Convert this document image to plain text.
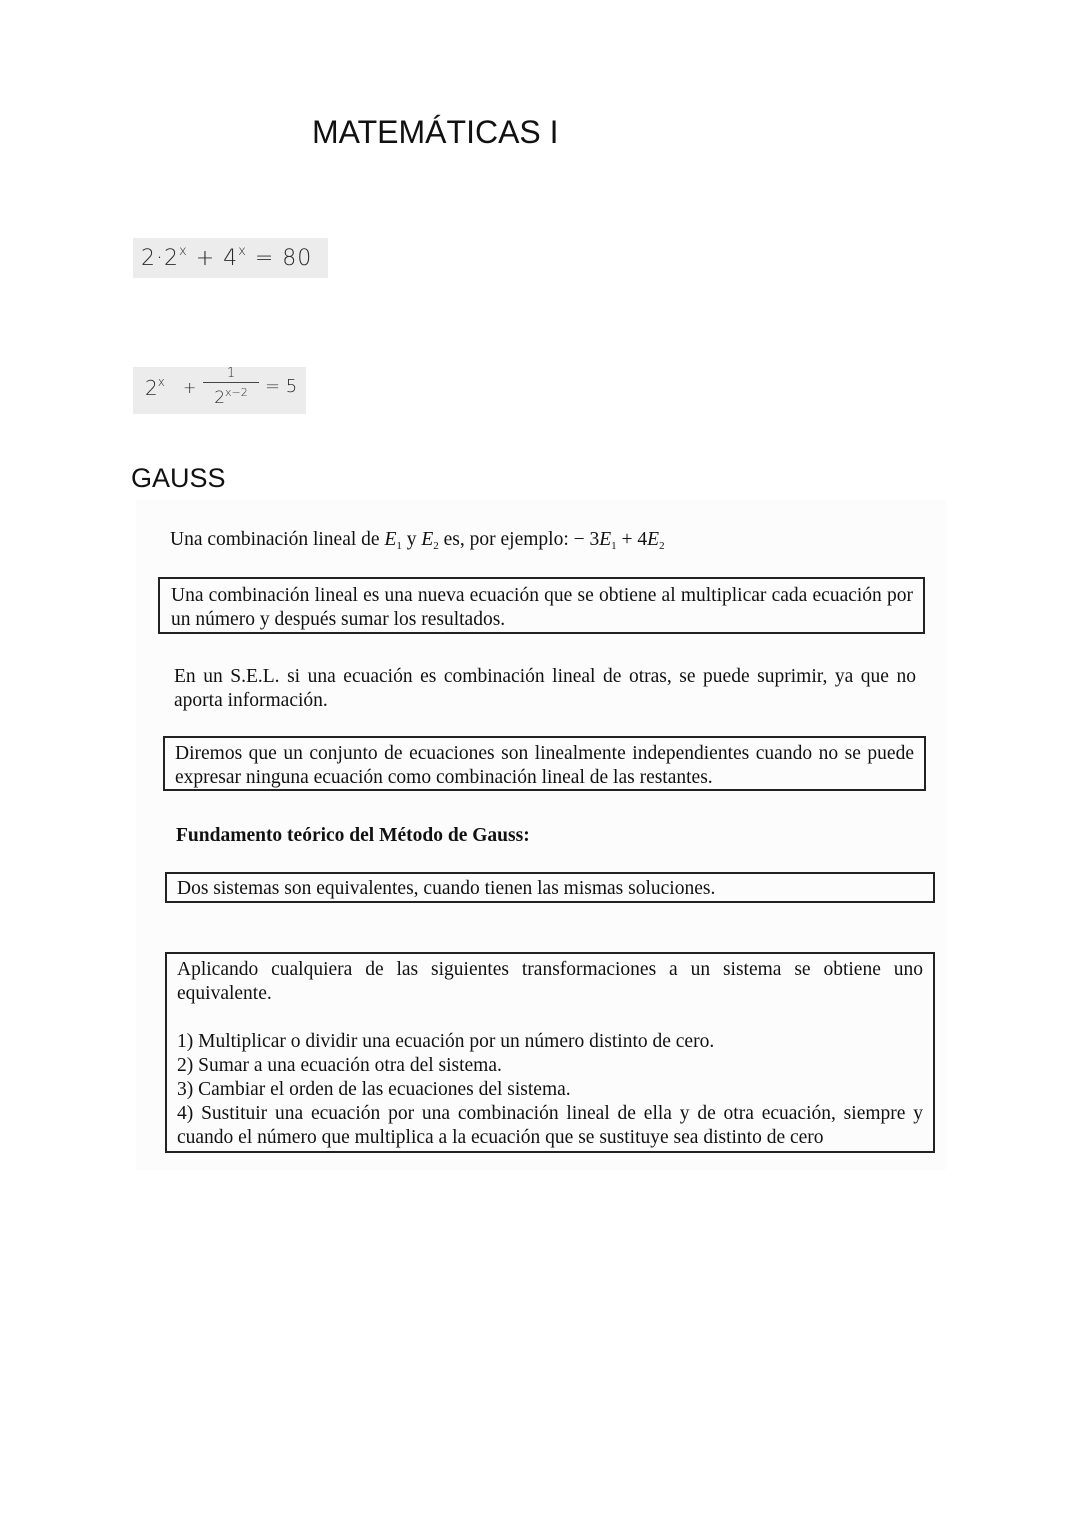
MATEMÁTICAS I
$2\cdot 2^x + 4^x = 80$
$2^x$ +
1
$2^{x-2} = 5$
GAUSS
Una combinación lineal de $E_1$ y $E_2$ es, por ejemplo: − $3E_1 + 4E_2$
Una combinación lineal es una nueva ecuación que se obtiene al multiplicar cada ecuación por un número y después sumar los resultados.
En un S.E.L. si una ecuación es combinación lineal de otras, se puede suprimir, ya que no aporta información.
Diremos que un conjunto de ecuaciones son linealmente independientes cuando no se puede expresar ninguna ecuación como combinación lineal de las restantes.
Fundamento teórico del Método de Gauss:
Dos sistemas son equivalentes, cuando tienen las mismas soluciones.
Aplicando cualquiera de las siguientes transformaciones a un sistema se obtiene uno equivalente.
1) Multiplicar o dividir una ecuación por un número distinto de cero.
2) Sumar a una ecuación otra del sistema.
3) Cambiar el orden de las ecuaciones del sistema.
4) Sustituir una ecuación por una combinación lineal de ella y de otra ecuación, siempre y cuando el número que multiplica a la ecuación que se sustituye sea distinto de cero
